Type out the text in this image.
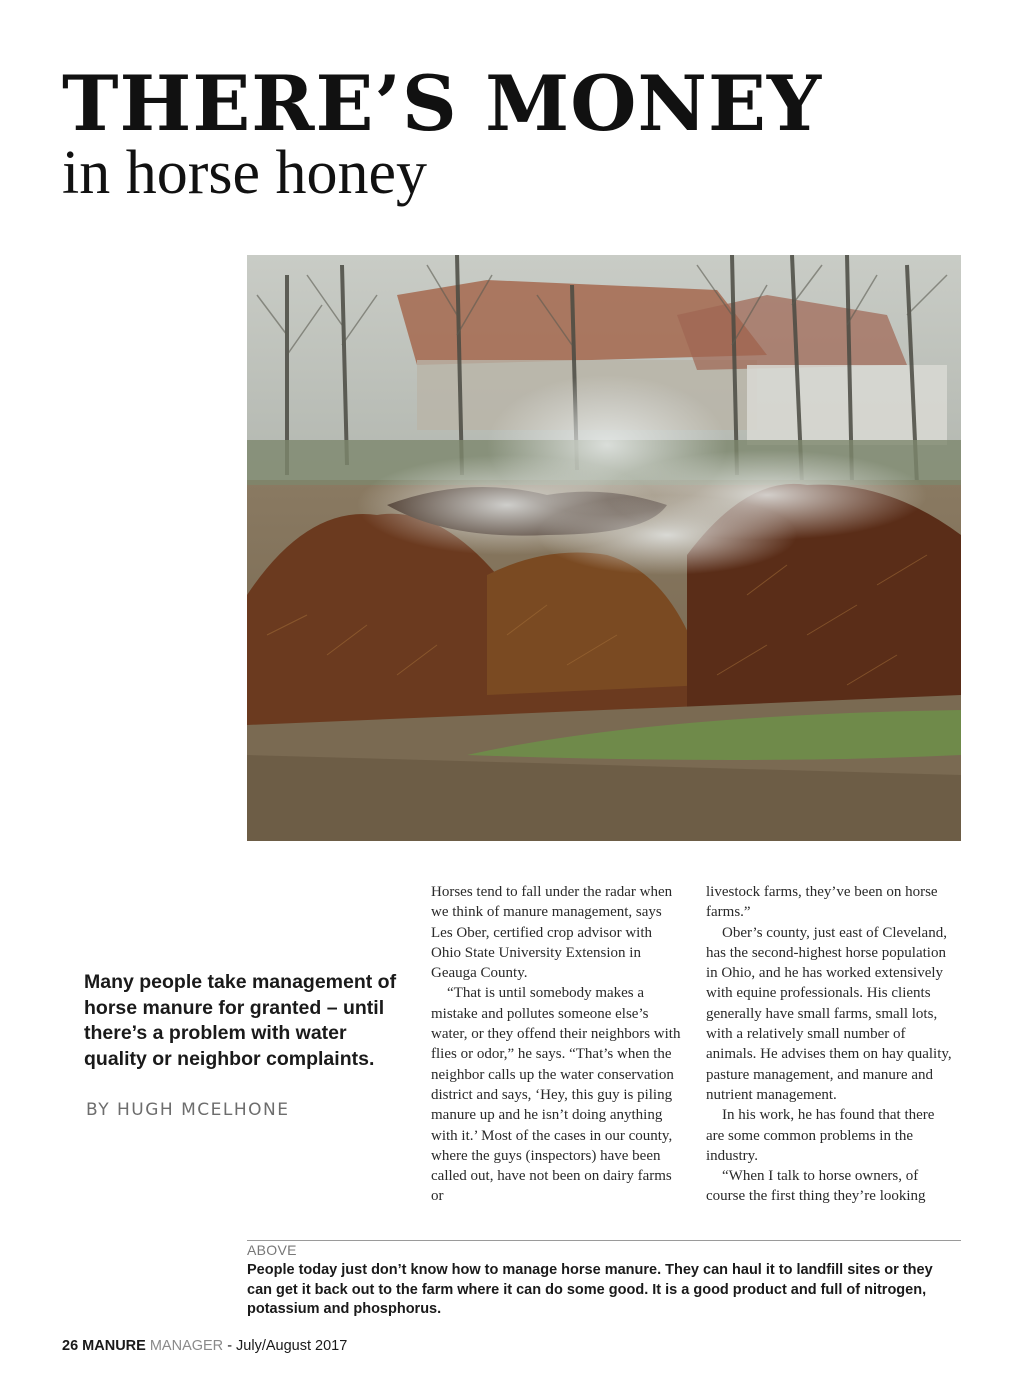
THERE’S MONEY
in horse honey

Many people take management of horse manure for granted – until there’s a problem with water quality or neighbor complaints.

BY HUGH MCELHONE

Horses tend to fall under the radar when we think of manure management, says Les Ober, certified crop advisor with Ohio State University Extension in Geauga County.

“That is until somebody makes a mistake and pollutes someone else’s water, or they offend their neighbors with flies or odor,” he says. “That’s when the neighbor calls up the water conservation district and says, ‘Hey, this guy is piling manure up and he isn’t doing anything with it.’ Most of the cases in our county, where the guys (inspectors) have been called out, have not been on dairy farms or

livestock farms, they’ve been on horse farms.”

Ober’s county, just east of Cleveland, has the second-highest horse population in Ohio, and he has worked extensively with equine professionals. His clients generally have small farms, small lots, with a relatively small number of animals. He advises them on hay quality, pasture management, and manure and nutrient management.

In his work, he has found that there are some common problems in the industry.

“When I talk to horse owners, of course the first thing they’re looking

ABOVE

People today just don’t know how to manage horse manure. They can haul it to landfill sites or they can get it back out to the farm where it can do some good. It is a good product and full of nitrogen, potassium and phosphorus.

26 MANURE MANAGER - July/August 2017
